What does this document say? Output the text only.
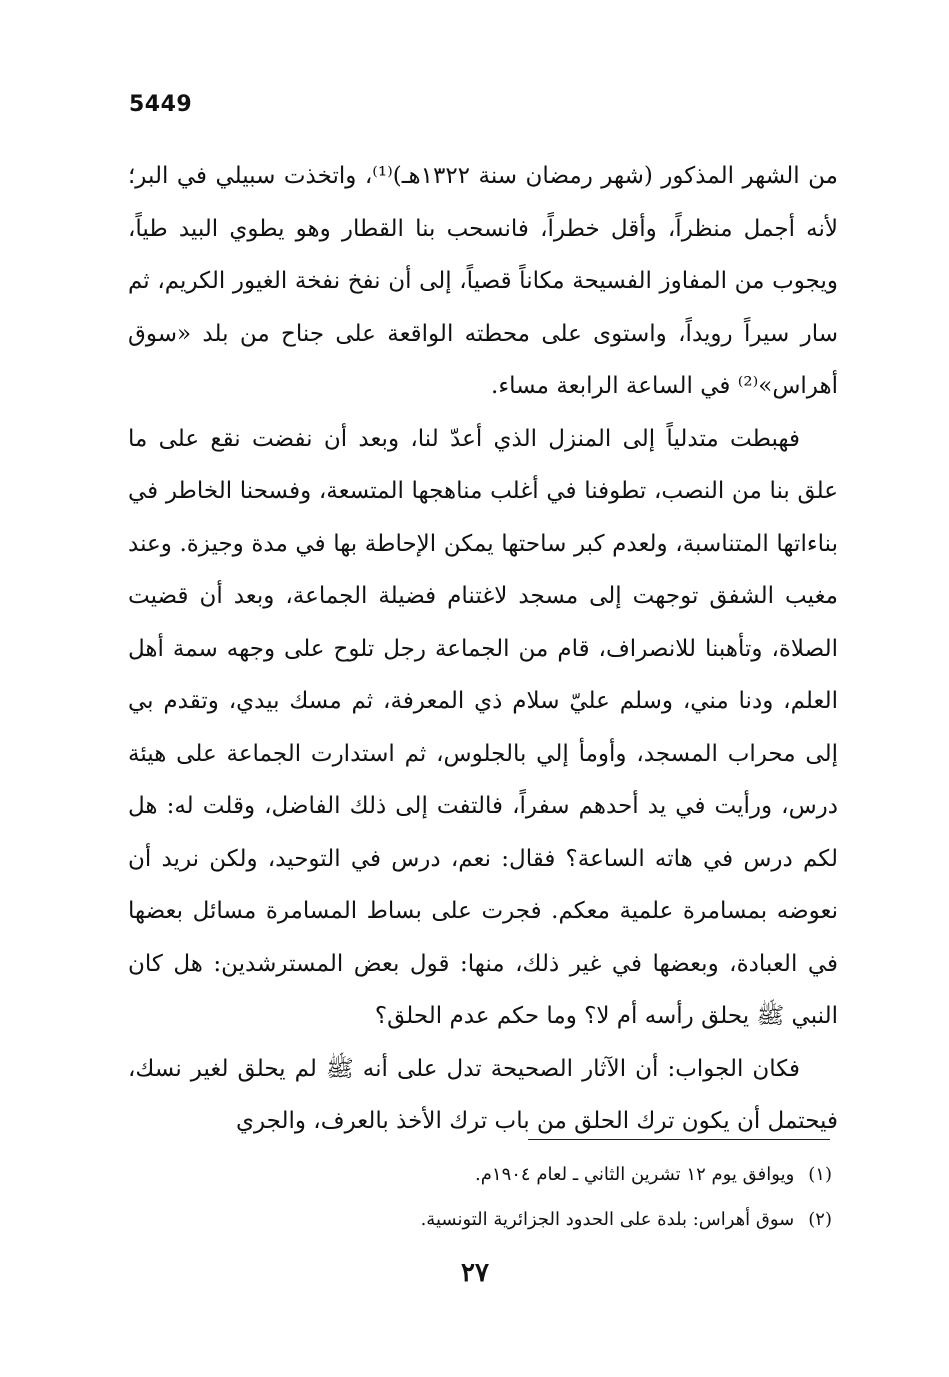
5449

من الشهر المذكور (شهر رمضان سنة ١٣٢٢هـ)⁽¹⁾، واتخذت سبيلي في البر؛ لأنه أجمل منظراً، وأقل خطراً، فانسحب بنا القطار وهو يطوي البيد طياً، ويجوب من المفاوز الفسيحة مكاناً قصياً، إلى أن نفخ نفخة الغيور الكريم، ثم سار سيراً رويداً، واستوى على محطته الواقعة على جناح من بلد «سوق أهراس»⁽²⁾ في الساعة الرابعة مساء.

فهبطت متدلياً إلى المنزل الذي أعدّ لنا، وبعد أن نفضت نقع على ما علق بنا من النصب، تطوفنا في أغلب مناهجها المتسعة، وفسحنا الخاطر في بناءاتها المتناسبة، ولعدم كبر ساحتها يمكن الإحاطة بها في مدة وجيزة. وعند مغيب الشفق توجهت إلى مسجد لاغتنام فضيلة الجماعة، وبعد أن قضيت الصلاة، وتأهبنا للانصراف، قام من الجماعة رجل تلوح على وجهه سمة أهل العلم، ودنا مني، وسلم عليّ سلام ذي المعرفة، ثم مسك بيدي، وتقدم بي إلى محراب المسجد، وأومأ إلي بالجلوس، ثم استدارت الجماعة على هيئة درس، ورأيت في يد أحدهم سفراً، فالتفت إلى ذلك الفاضل، وقلت له: هل لكم درس في هاته الساعة؟ فقال: نعم، درس في التوحيد، ولكن نريد أن نعوضه بمسامرة علمية معكم. فجرت على بساط المسامرة مسائل بعضها في العبادة، وبعضها في غير ذلك، منها: قول بعض المسترشدين: هل كان النبي ﷺ يحلق رأسه أم لا؟ وما حكم عدم الحلق؟

فكان الجواب: أن الآثار الصحيحة تدل على أنه ﷺ لم يحلق لغير نسك، فيحتمل أن يكون ترك الحلق من باب ترك الأخذ بالعرف، والجري

(١)ويوافق يوم ١٢ تشرين الثاني ـ لعام ١٩٠٤م.

(٢)سوق أهراس: بلدة على الحدود الجزائرية التونسية.

٢٧
